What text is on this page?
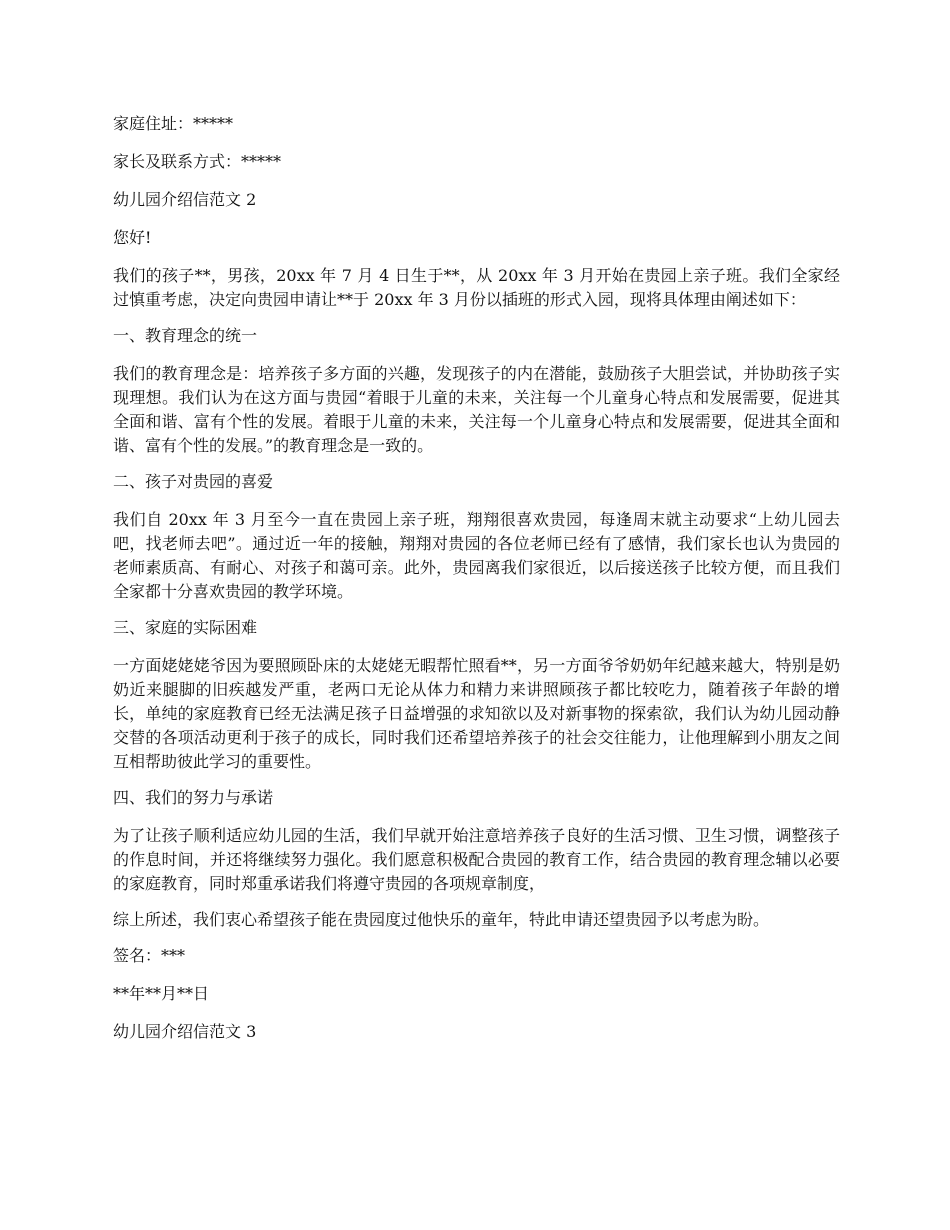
家庭住址：*****

家长及联系方式：*****

幼儿园介绍信范文 2

您好!

我们的孩子**，男孩，20xx 年 7 月 4 日生于**，从 20xx 年 3 月开始在贵园上亲子班。我们全家经过慎重考虑，决定向贵园申请让**于 20xx 年 3 月份以插班的形式入园，现将具体理由阐述如下：

一、教育理念的统一

我们的教育理念是：培养孩子多方面的兴趣，发现孩子的内在潜能，鼓励孩子大胆尝试，并协助孩子实现理想。我们认为在这方面与贵园“着眼于儿童的未来，关注每一个儿童身心特点和发展需要，促进其全面和谐、富有个性的发展。着眼于儿童的未来，关注每一个儿童身心特点和发展需要，促进其全面和谐、富有个性的发展。”的教育理念是一致的。

二、孩子对贵园的喜爱

我们自 20xx 年 3 月至今一直在贵园上亲子班，翔翔很喜欢贵园，每逢周末就主动要求“上幼儿园去吧，找老师去吧”。通过近一年的接触，翔翔对贵园的各位老师已经有了感情，我们家长也认为贵园的老师素质高、有耐心、对孩子和蔼可亲。此外，贵园离我们家很近，以后接送孩子比较方便，而且我们全家都十分喜欢贵园的教学环境。

三、家庭的实际困难

一方面姥姥姥爷因为要照顾卧床的太姥姥无暇帮忙照看**，另一方面爷爷奶奶年纪越来越大，特别是奶奶近来腿脚的旧疾越发严重，老两口无论从体力和精力来讲照顾孩子都比较吃力，随着孩子年龄的增长，单纯的家庭教育已经无法满足孩子日益增强的求知欲以及对新事物的探索欲，我们认为幼儿园动静交替的各项活动更利于孩子的成长，同时我们还希望培养孩子的社会交往能力，让他理解到小朋友之间互相帮助彼此学习的重要性。

四、我们的努力与承诺

为了让孩子顺利适应幼儿园的生活，我们早就开始注意培养孩子良好的生活习惯、卫生习惯，调整孩子的作息时间，并还将继续努力强化。我们愿意积极配合贵园的教育工作，结合贵园的教育理念辅以必要的家庭教育，同时郑重承诺我们将遵守贵园的各项规章制度，

综上所述，我们衷心希望孩子能在贵园度过他快乐的童年，特此申请还望贵园予以考虑为盼。

签名：***

**年**月**日

幼儿园介绍信范文 3
